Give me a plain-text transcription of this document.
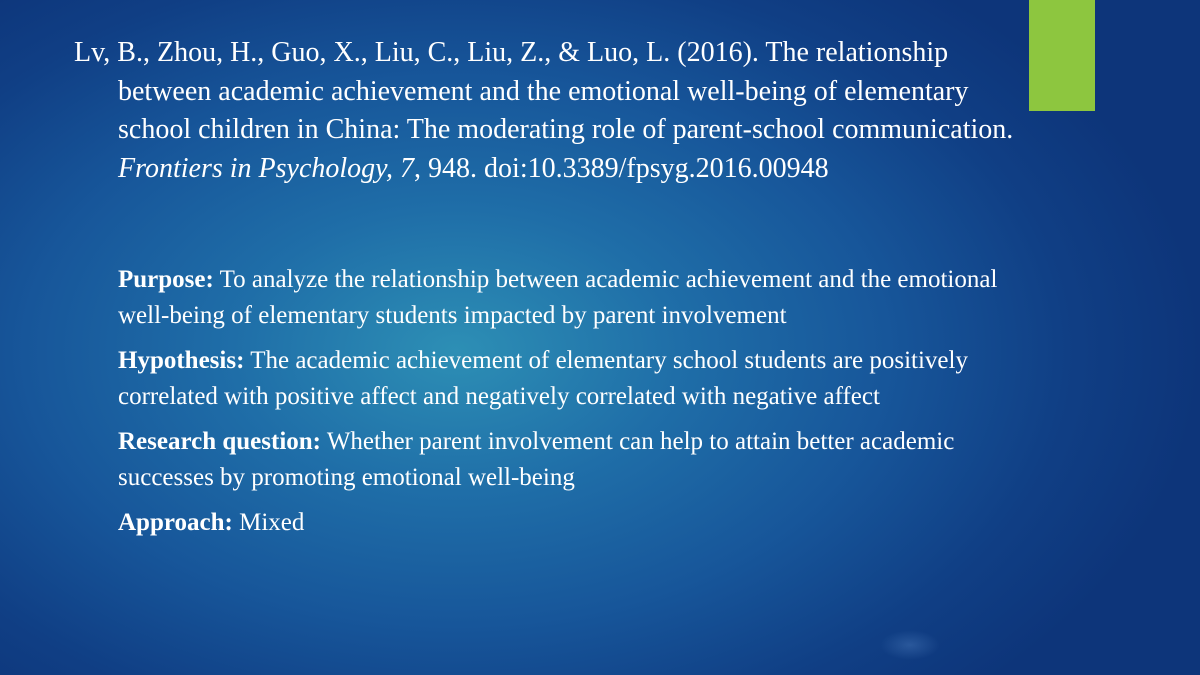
Lv, B., Zhou, H., Guo, X., Liu, C., Liu, Z., & Luo, L. (2016). The relationship between academic achievement and the emotional well-being of elementary school children in China: The moderating role of parent-school communication. Frontiers in Psychology, 7, 948. doi:10.3389/fpsyg.2016.00948

Purpose: To analyze the relationship between academic achievement and the emotional well-being of elementary students impacted by parent involvement

Hypothesis: The academic achievement of elementary school students are positively correlated with positive affect and negatively correlated with negative affect

Research question: Whether parent involvement can help to attain better academic successes by promoting emotional well-being

Approach: Mixed
